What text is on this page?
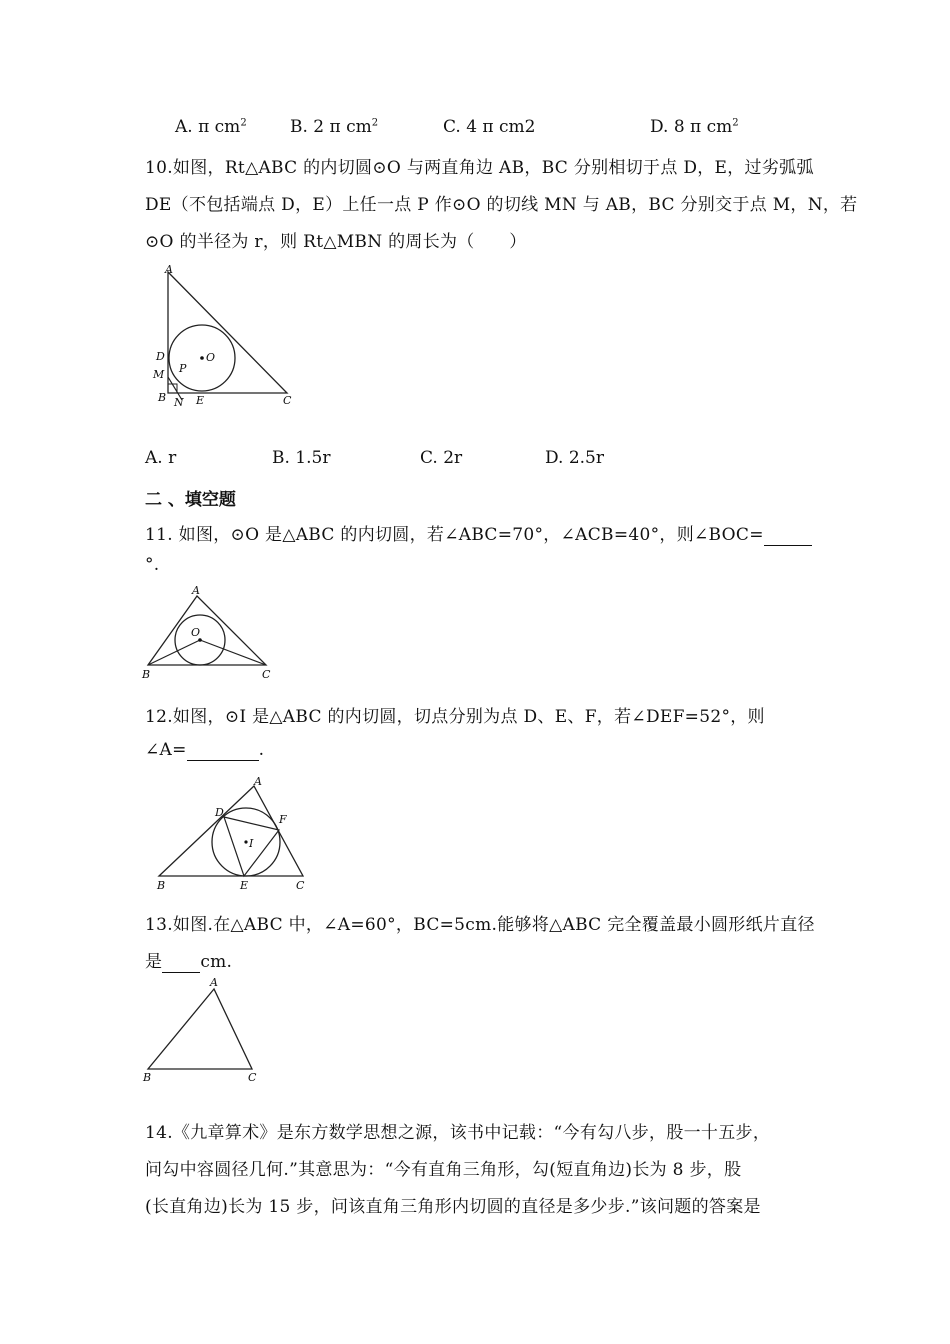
A. π $cm^2$	B. 2 π $cm^2$	C. 4 π cm2	D. 8 π $cm^2$
10.如图，Rt△ABC 的内切圆⊙O 与两直角边 AB，BC 分别相切于点 D，E，过劣弧弧
DE（不包括端点 D，E）上任一点 P 作⊙O 的切线 MN 与 AB，BC 分别交于点 M，N，若
⊙O 的半径为 r，则 Rt△MBN 的周长为（　　）
A
D
M P
O
B N E	C
A. r	B. 1.5r	C. 2r	D. 2.5r
二 、填空题
11. 如图，⊙O 是△ABC 的内切圆，若∠ABC=70°，∠ACB=40°，则∠BOC=
°.
A
O
B	C
12.如图，⊙I 是△ABC 的内切圆，切点分别为点 D、E、F，若∠DEF=52°，则
∠A=	.
A
D
F
I
B	E	C
13.如图.在△ABC 中，∠A=60°，BC=5cm.能够将△ABC 完全覆盖最小圆形纸片直径
是 cm.
A
B	C
14.《九章算术》是东方数学思想之源，该书中记载：“今有勾八步，股一十五步，
问勾中容圆径几何.”其意思为：“今有直角三角形，勾(短直角边)长为 8 步，股
(长直角边)长为 15 步，问该直角三角形内切圆的直径是多少步.”该问题的答案是
